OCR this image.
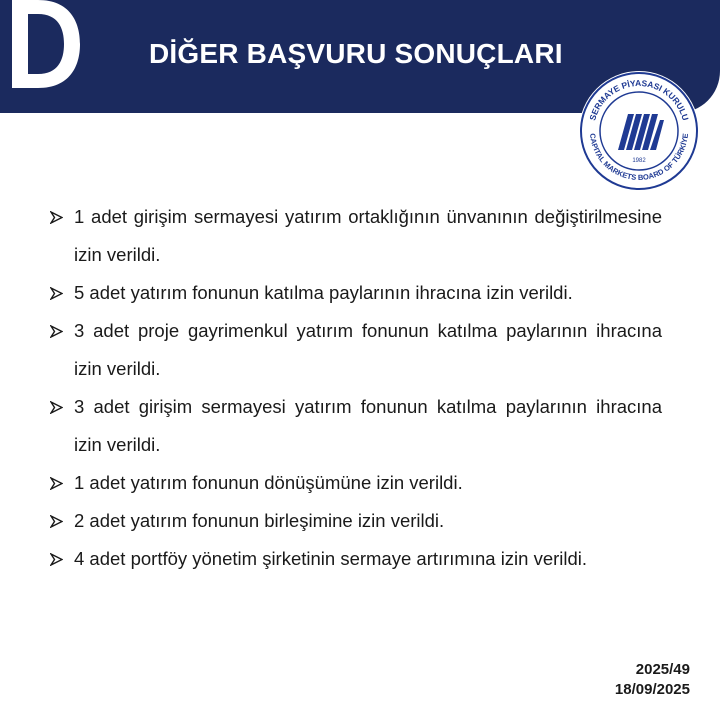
DİĞER BAŞVURU SONUÇLARI
SERMAYE PİYASASI KURULU
CAPITAL MARKETS BOARD OF TÜRKİYE
1982
1 adet girişim sermayesi yatırım ortaklığının ünvanının değiştirilmesine izin verildi.
5 adet yatırım fonunun katılma paylarının ihracına izin verildi.
3 adet proje gayrimenkul yatırım fonunun katılma paylarının ihracına izin verildi.
3 adet girişim sermayesi yatırım fonunun katılma paylarının ihracına izin verildi.
1 adet yatırım fonunun dönüşümüne izin verildi.
2 adet yatırım fonunun birleşimine izin verildi.
4 adet portföy yönetim şirketinin sermaye artırımına izin verildi.
2025/49
18/09/2025
